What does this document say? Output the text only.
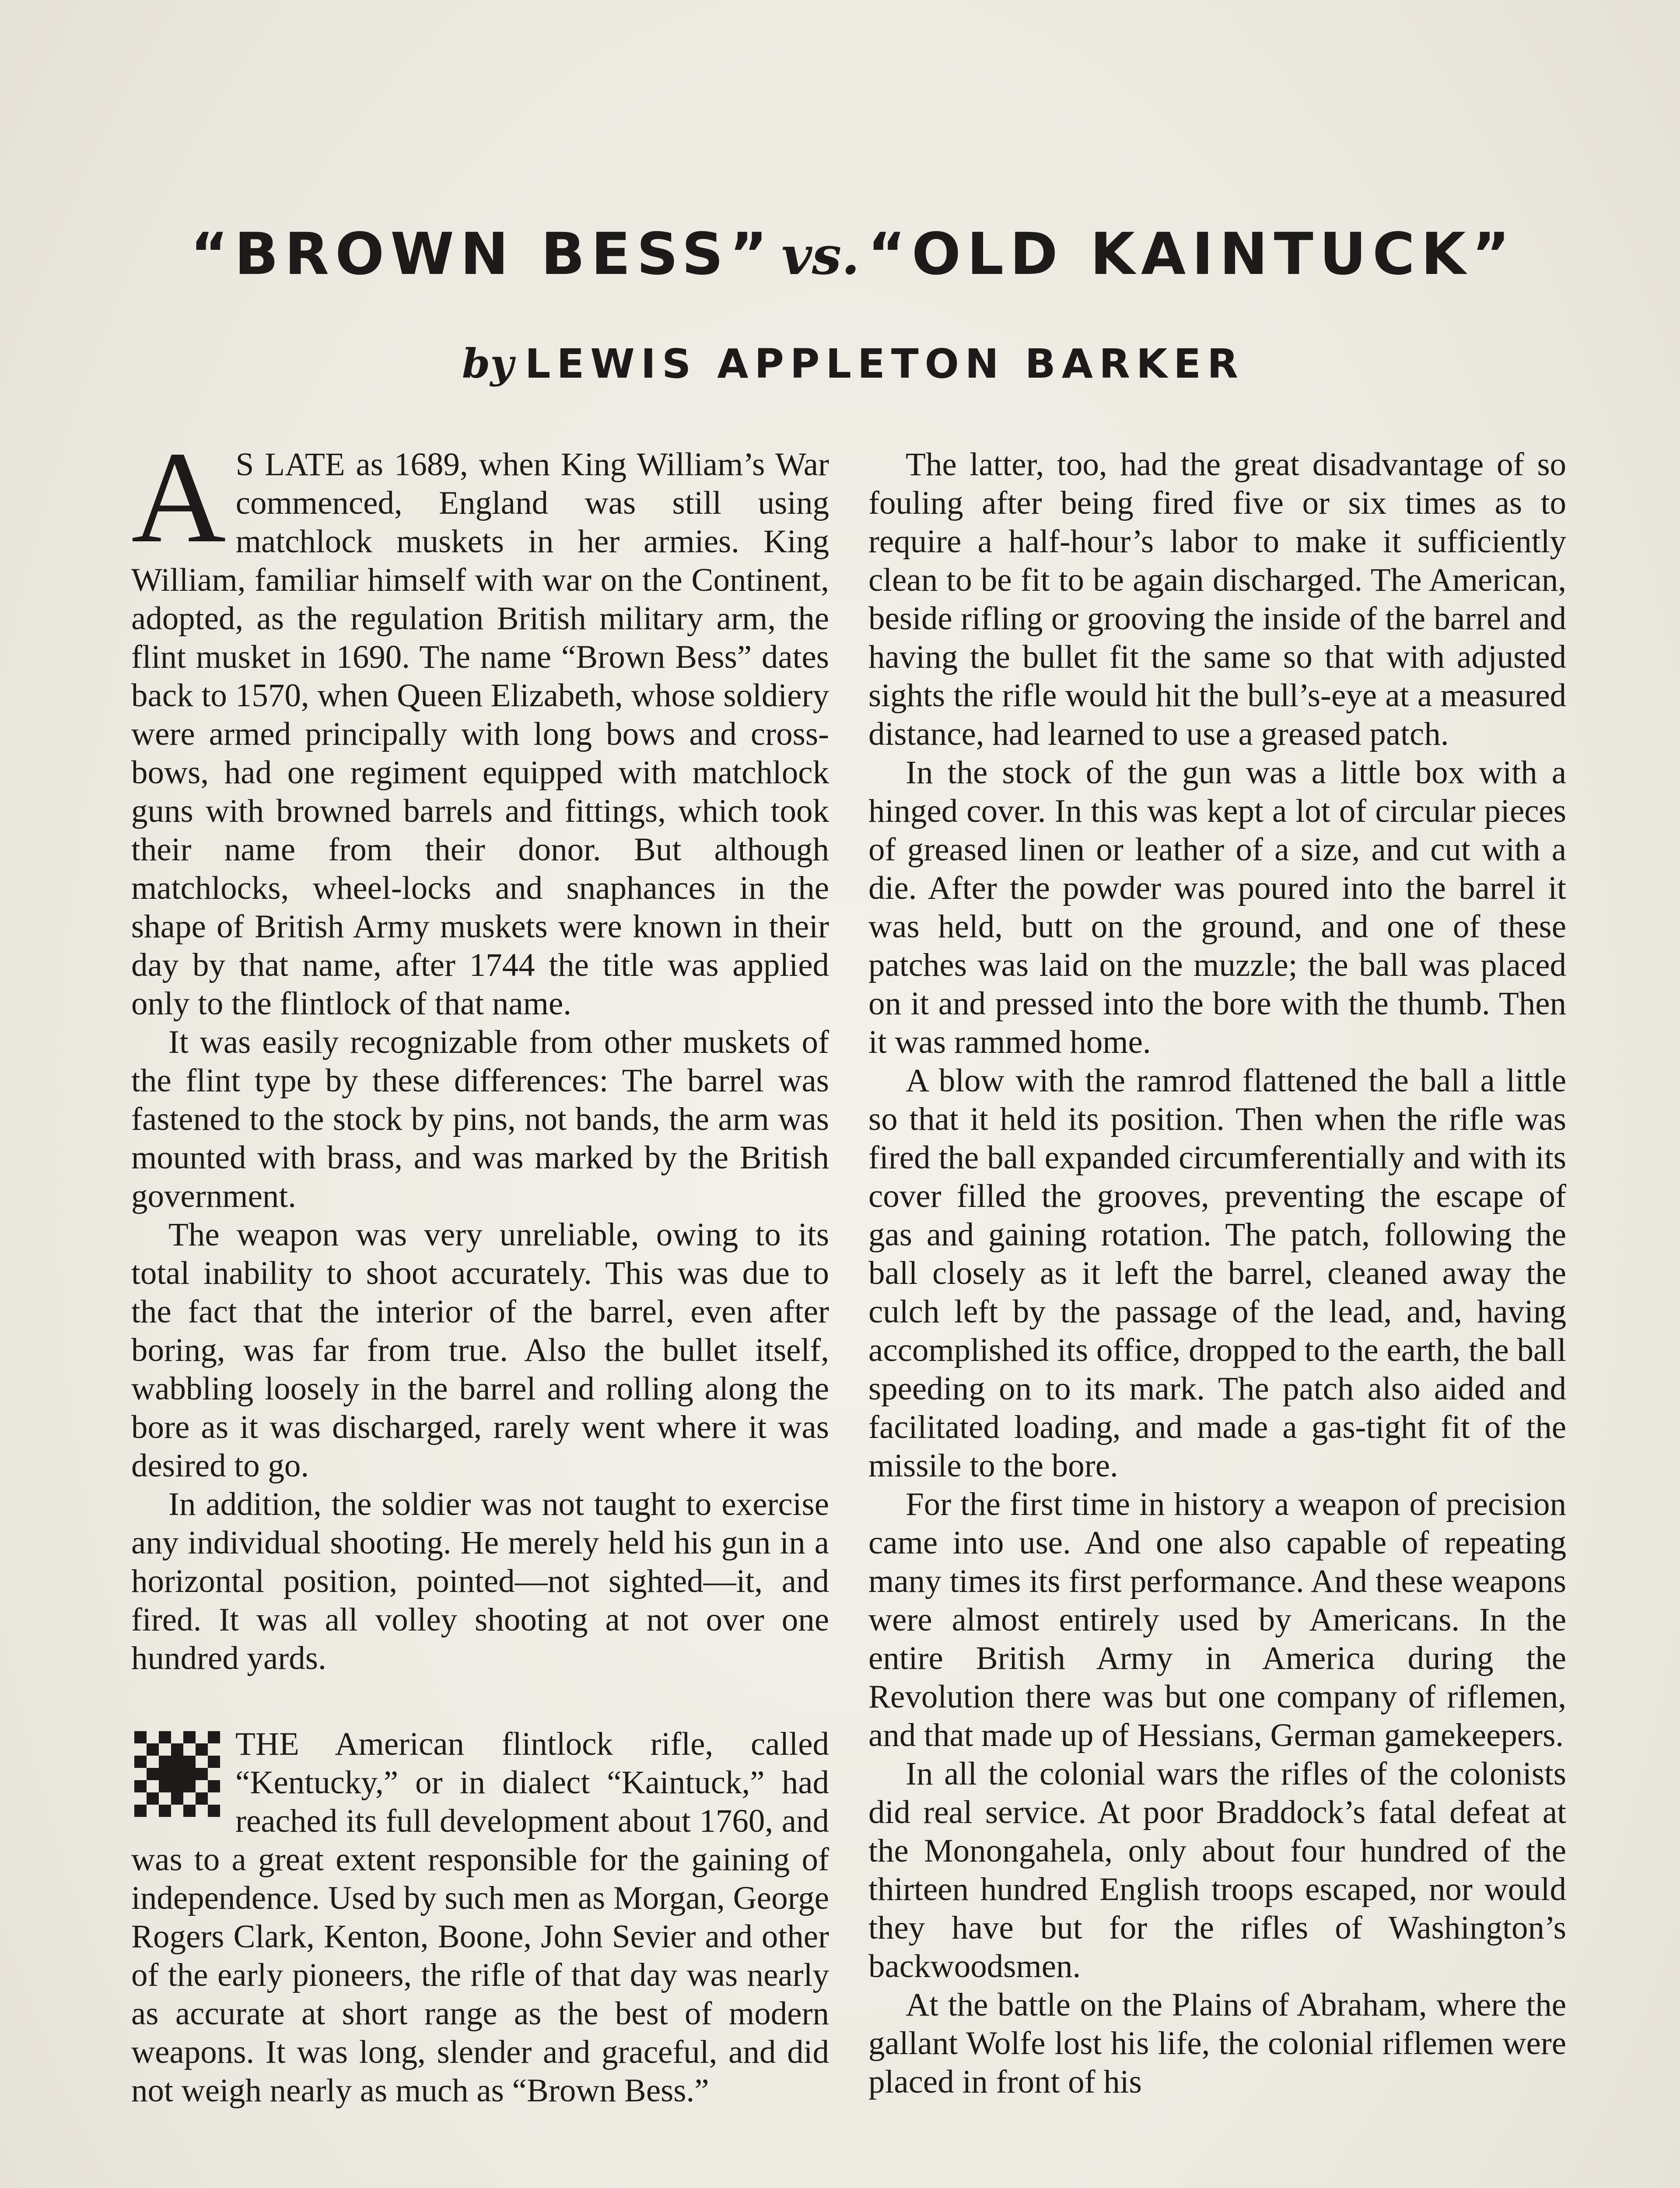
“BROWN BESS” vs. “OLD KAINTUCK”
by LEWIS APPLETON BARKER

A S LATE as 1689, when King William’s War commenced, England was still using matchlock muskets in her armies. King William, familiar himself with war on the Continent, adopted, as the regulation British military arm, the flint musket in 1690. The name “Brown Bess” dates back to 1570, when Queen Elizabeth, whose soldiery were armed principally with long bows and cross-bows, had one regiment equipped with matchlock guns with browned barrels and fittings, which took their name from their donor. But although matchlocks, wheel-locks and snaphances in the shape of British Army muskets were known in their day by that name, after 1744 the title was applied only to the flintlock of that name.

It was easily recognizable from other muskets of the flint type by these differences: The barrel was fastened to the stock by pins, not bands, the arm was mounted with brass, and was marked by the British government.

The weapon was very unreliable, owing to its total inability to shoot accurately. This was due to the fact that the interior of the barrel, even after boring, was far from true. Also the bullet itself, wabbling loosely in the barrel and rolling along the bore as it was discharged, rarely went where it was desired to go.

In addition, the soldier was not taught to exercise any individual shooting. He merely held his gun in a horizontal position, pointed—not sighted—it, and fired. It was all volley shooting at not over one hundred yards.

THE American flintlock rifle, called “Kentucky,” or in dialect “Kaintuck,” had reached its full development about 1760, and was to a great extent responsible for the gaining of independence. Used by such men as Morgan, George Rogers Clark, Kenton, Boone, John Sevier and other of the early pioneers, the rifle of that day was nearly as accurate at short range as the best of modern weapons. It was long, slender and graceful, and did not weigh nearly as much as “Brown Bess.”

The latter, too, had the great disadvantage of so fouling after being fired five or six times as to require a half-hour’s labor to make it sufficiently clean to be fit to be again discharged. The American, beside rifling or grooving the inside of the barrel and having the bullet fit the same so that with adjusted sights the rifle would hit the bull’s-eye at a measured distance, had learned to use a greased patch.

In the stock of the gun was a little box with a hinged cover. In this was kept a lot of circular pieces of greased linen or leather of a size, and cut with a die. After the powder was poured into the barrel it was held, butt on the ground, and one of these patches was laid on the muzzle; the ball was placed on it and pressed into the bore with the thumb. Then it was rammed home.

A blow with the ramrod flattened the ball a little so that it held its position. Then when the rifle was fired the ball expanded circumferentially and with its cover filled the grooves, preventing the escape of gas and gaining rotation. The patch, following the ball closely as it left the barrel, cleaned away the culch left by the passage of the lead, and, having accomplished its office, dropped to the earth, the ball speeding on to its mark. The patch also aided and facilitated loading, and made a gas-tight fit of the missile to the bore.

For the first time in history a weapon of precision came into use. And one also capable of repeating many times its first performance. And these weapons were almost entirely used by Americans. In the entire British Army in America during the Revolution there was but one company of riflemen, and that made up of Hessians, German gamekeepers.

In all the colonial wars the rifles of the colonists did real service. At poor Braddock’s fatal defeat at the Monongahela, only about four hundred of the thirteen hundred English troops escaped, nor would they have but for the rifles of Washington’s backwoodsmen.

At the battle on the Plains of Abraham, where the gallant Wolfe lost his life, the colonial riflemen were placed in front of his
